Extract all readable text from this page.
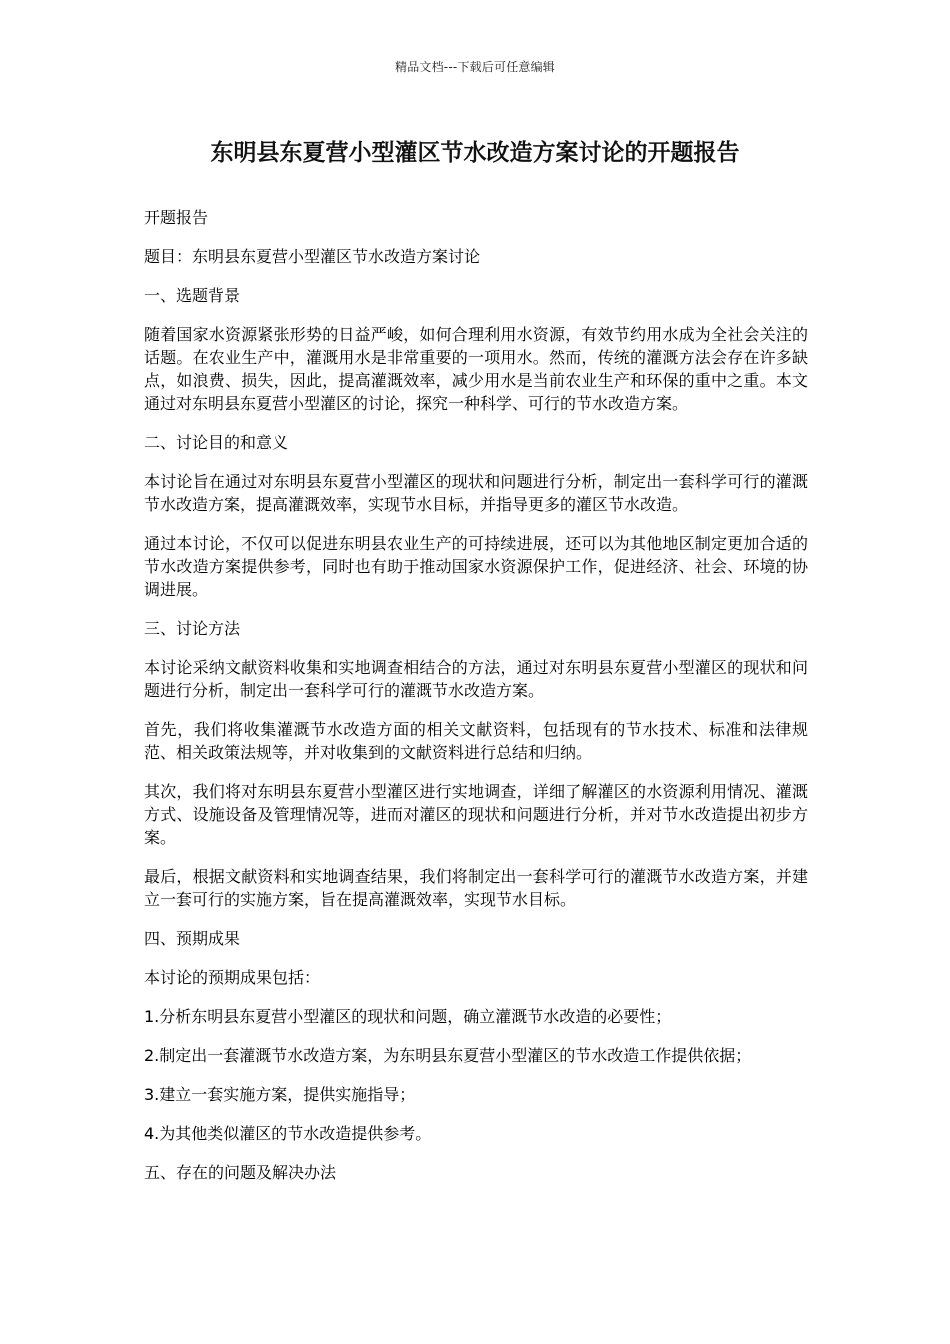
精品文档---下载后可任意编辑
东明县东夏营小型灌区节水改造方案讨论的开题报告

开题报告

题目：东明县东夏营小型灌区节水改造方案讨论

一、选题背景

随着国家水资源紧张形势的日益严峻，如何合理利用水资源，有效节约用水成为全社会关注的话题。在农业生产中，灌溉用水是非常重要的一项用水。然而，传统的灌溉方法会存在许多缺点，如浪费、损失，因此，提高灌溉效率，减少用水是当前农业生产和环保的重中之重。本文通过对东明县东夏营小型灌区的讨论，探究一种科学、可行的节水改造方案。

二、讨论目的和意义

本讨论旨在通过对东明县东夏营小型灌区的现状和问题进行分析，制定出一套科学可行的灌溉节水改造方案，提高灌溉效率，实现节水目标，并指导更多的灌区节水改造。

通过本讨论，不仅可以促进东明县农业生产的可持续进展，还可以为其他地区制定更加合适的节水改造方案提供参考，同时也有助于推动国家水资源保护工作，促进经济、社会、环境的协调进展。

三、讨论方法

本讨论采纳文献资料收集和实地调查相结合的方法，通过对东明县东夏营小型灌区的现状和问题进行分析，制定出一套科学可行的灌溉节水改造方案。

首先，我们将收集灌溉节水改造方面的相关文献资料，包括现有的节水技术、标准和法律规范、相关政策法规等，并对收集到的文献资料进行总结和归纳。

其次，我们将对东明县东夏营小型灌区进行实地调查，详细了解灌区的水资源利用情况、灌溉方式、设施设备及管理情况等，进而对灌区的现状和问题进行分析，并对节水改造提出初步方案。

最后，根据文献资料和实地调查结果，我们将制定出一套科学可行的灌溉节水改造方案，并建立一套可行的实施方案，旨在提高灌溉效率，实现节水目标。

四、预期成果

本讨论的预期成果包括：

1.分析东明县东夏营小型灌区的现状和问题，确立灌溉节水改造的必要性；

2.制定出一套灌溉节水改造方案，为东明县东夏营小型灌区的节水改造工作提供依据；

3.建立一套实施方案，提供实施指导；

4.为其他类似灌区的节水改造提供参考。

五、存在的问题及解决办法
